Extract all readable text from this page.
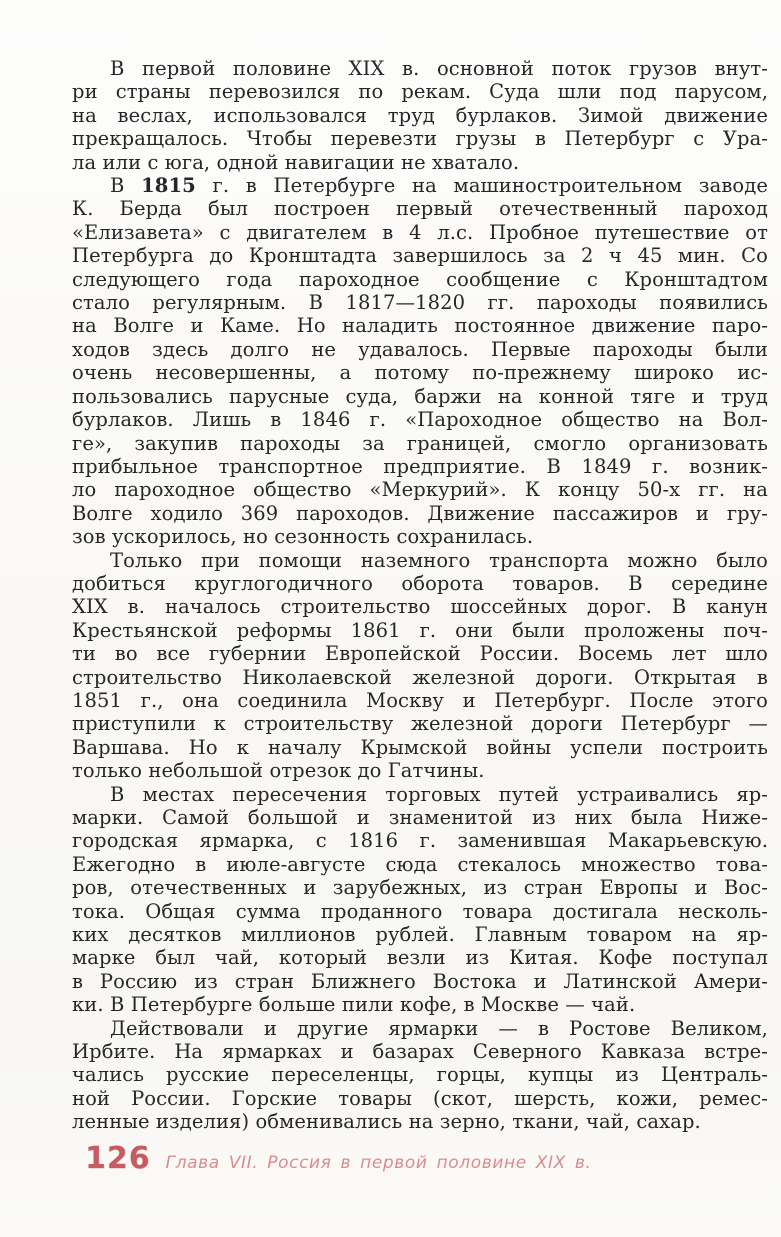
В первой половине XIX в. основной поток грузов внут-
ри страны перевозился по рекам. Суда шли под парусом,
на веслах, использовался труд бурлаков. Зимой движение
прекращалось. Чтобы перевезти грузы в Петербург с Ура-
ла или с юга, одной навигации не хватало.
В 1815 г. в Петербурге на машиностроительном заводе
К. Берда был построен первый отечественный пароход
«Елизавета» с двигателем в 4 л.с. Пробное путешествие от
Петербурга до Кронштадта завершилось за 2 ч 45 мин. Со
следующего года пароходное сообщение с Кронштадтом
стало регулярным. В 1817—1820 гг. пароходы появились
на Волге и Каме. Но наладить постоянное движение паро-
ходов здесь долго не удавалось. Первые пароходы были
очень несовершенны, а потому по-прежнему широко ис-
пользовались парусные суда, баржи на конной тяге и труд
бурлаков. Лишь в 1846 г. «Пароходное общество на Вол-
ге», закупив пароходы за границей, смогло организовать
прибыльное транспортное предприятие. В 1849 г. возник-
ло пароходное общество «Меркурий». К концу 50-х гг. на
Волге ходило 369 пароходов. Движение пассажиров и гру-
зов ускорилось, но сезонность сохранилась.
Только при помощи наземного транспорта можно было
добиться круглогодичного оборота товаров. В середине
XIX в. началось строительство шоссейных дорог. В канун
Крестьянской реформы 1861 г. они были проложены поч-
ти во все губернии Европейской России. Восемь лет шло
строительство Николаевской железной дороги. Открытая в
1851 г., она соединила Москву и Петербург. После этого
приступили к строительству железной дороги Петербург —
Варшава. Но к началу Крымской войны успели построить
только небольшой отрезок до Гатчины.
В местах пересечения торговых путей устраивались яр-
марки. Самой большой и знаменитой из них была Ниже-
городская ярмарка, с 1816 г. заменившая Макарьевскую.
Ежегодно в июле-августе сюда стекалось множество това-
ров, отечественных и зарубежных, из стран Европы и Вос-
тока. Общая сумма проданного товара достигала несколь-
ких десятков миллионов рублей. Главным товаром на яр-
марке был чай, который везли из Китая. Кофе поступал
в Россию из стран Ближнего Востока и Латинской Амери-
ки. В Петербурге больше пили кофе, в Москве — чай.
Действовали и другие ярмарки — в Ростове Великом,
Ирбите. На ярмарках и базарах Северного Кавказа встре-
чались русские переселенцы, горцы, купцы из Централь-
ной России. Горские товары (скот, шерсть, кожи, ремес-
ленные изделия) обменивались на зерно, ткани, чай, сахар.
126 Глава VII. Россия в первой половине XIX в.
